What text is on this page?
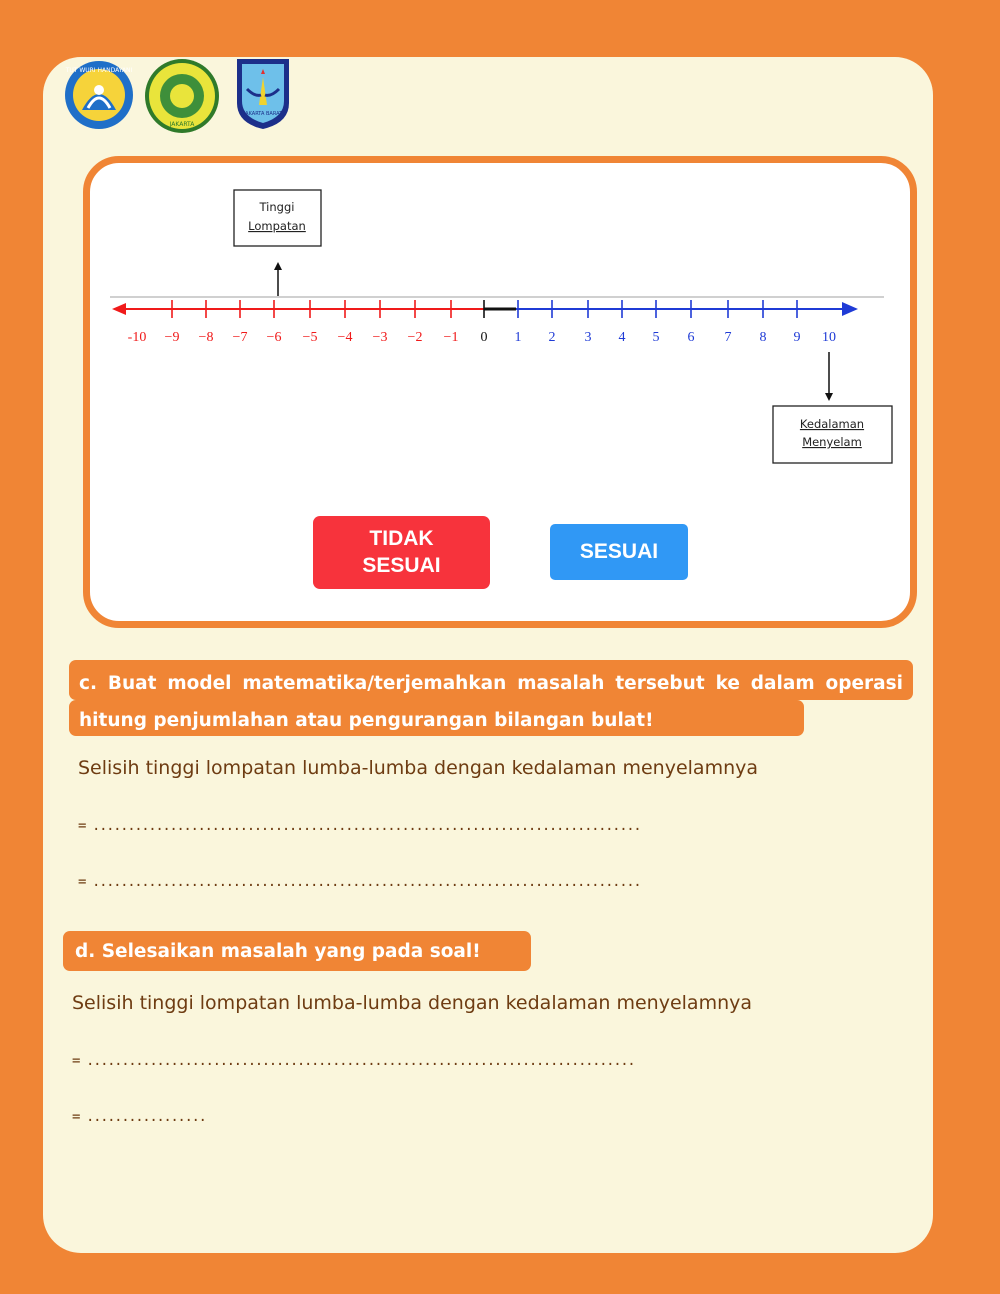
TUT WURI HANDAYANI
JAKARTA
JAKARTA BARAT
-10 −9 −8 −7 −6 −5 −4 −3 −2 −1 0 1 2 3 4 5 6 7 8 9 10
Tinggi
Lompatan
Kedalaman
Menyelam
TIDAK SESUAI
SESUAI
c. Buat model matematika/terjemahkan masalah tersebut ke dalam operasi hitung penjumlahan atau pengurangan bilangan bulat!
Selisih tinggi lompatan lumba-lumba dengan kedalaman menyelamnya
= ..............................................................................
= ..............................................................................
d. Selesaikan masalah yang pada soal!
Selisih tinggi lompatan lumba-lumba dengan kedalaman menyelamnya
= ..............................................................................
= .................
